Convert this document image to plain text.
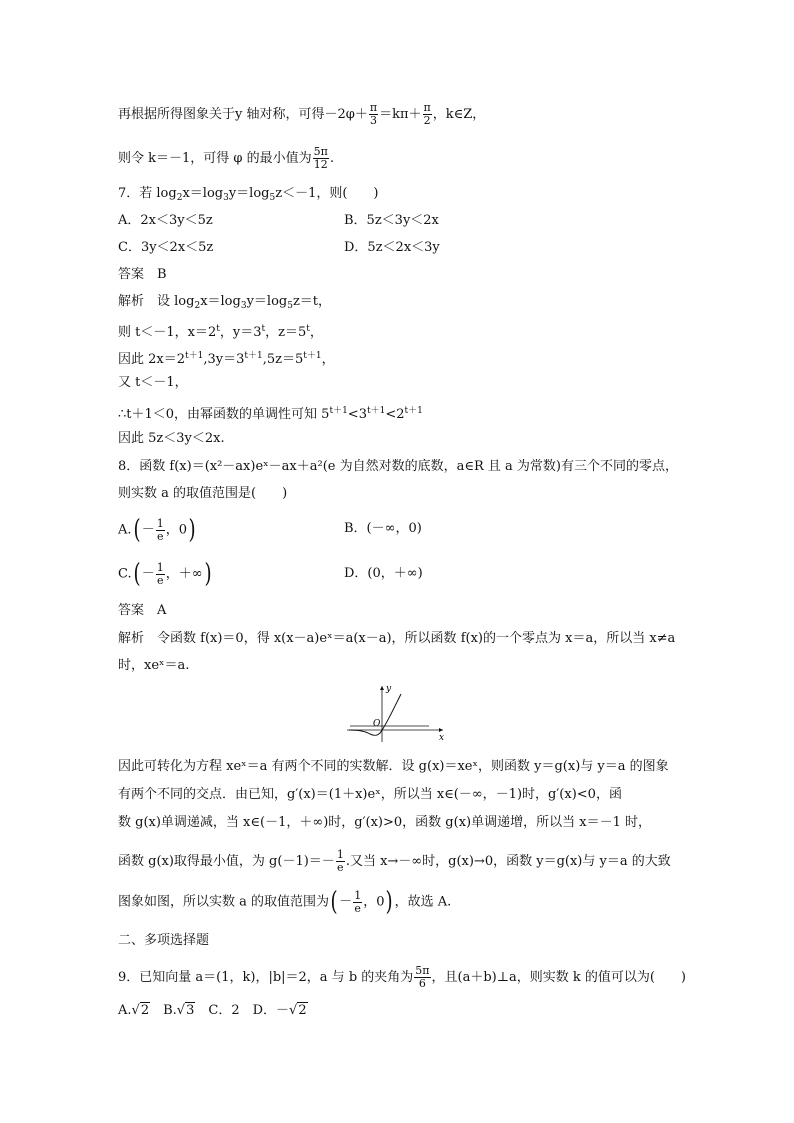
再根据所得图象关于y 轴对称，可得$-2\varphi+ \frac{\pi}{3} =k\pi+ \frac{\pi}{2}$ ，k∈Z，
则令 k＝－1，可得 φ 的最小值为 $\frac{5\pi}{12}$ .
7．若 $\log_2x=\log_3y=\log_5z<-1$，则(　　)
A．2x＜3y＜5z	B．5z＜3y＜2x
C．3y＜2x＜5z	D．5z＜2x＜3y
答案　B
解析　设 $\log_2x=\log_3y=\log_5z=t$，
则 t＜－1，$x=2^t$，$y=3^t$，$z=5^t$，
因此 $2x=2^{t+1},3y=3^{t+1},5z=5^{t+1}$，
又 t＜－1，
∴t＋1＜0，由幂函数的单调性可知 $5^{t+1}<3^{t+1}<2^{t+1}$
因此 5z＜3y＜2x.
8．函数 f(x)＝(x²－ax)eˣ－ax＋a²(e 为自然对数的底数，a∈R 且 a 为常数)有三个不同的零点，
则实数 a 的取值范围是(　　)
$A.( - \frac{1}{e}$ ，0)	B．(－∞，0)
$C.( - \frac{1}{e}$ ，＋∞)	D．(0，＋∞)
答案　A
解析　令函数 f(x)＝0，得 x(x－a)eˣ＝a(x－a)，所以函数 f(x)的一个零点为 x＝a，所以当 x≠a
时，xeˣ＝a.
y
x
O
因此可转化为方程 xeˣ＝a 有两个不同的实数解．设 g(x)＝xeˣ，则函数 y＝g(x)与 y＝a 的图象
有两个不同的交点．由已知，g′(x)＝(1＋x)eˣ，所以当 x∈(－∞，－1)时，g′(x)<0，函
数 g(x)单调递减，当 x∈(－1，＋∞)时，g′(x)>0，函数 g(x)单调递增，所以当 x＝－1 时，
函数 g(x)取得最小值，为 $g(-1)=- \frac{1}{e}$ .又当 x→－∞时，g(x)→0，函数 y＝g(x)与 y＝a 的大致
图象如图，所以实数 a 的取值范围为( － $\frac{1}{e}$ ，0) ，故选 A.
二、多项选择题
9．已知向量 a＝(1，k)，|b|＝2，a 与 b 的夹角为 $\frac{5\pi}{6}$ ，且(a＋b)⊥a，则实数 k 的值可以为(　　)
A.√2　B.√3　C．2　D．－√2
